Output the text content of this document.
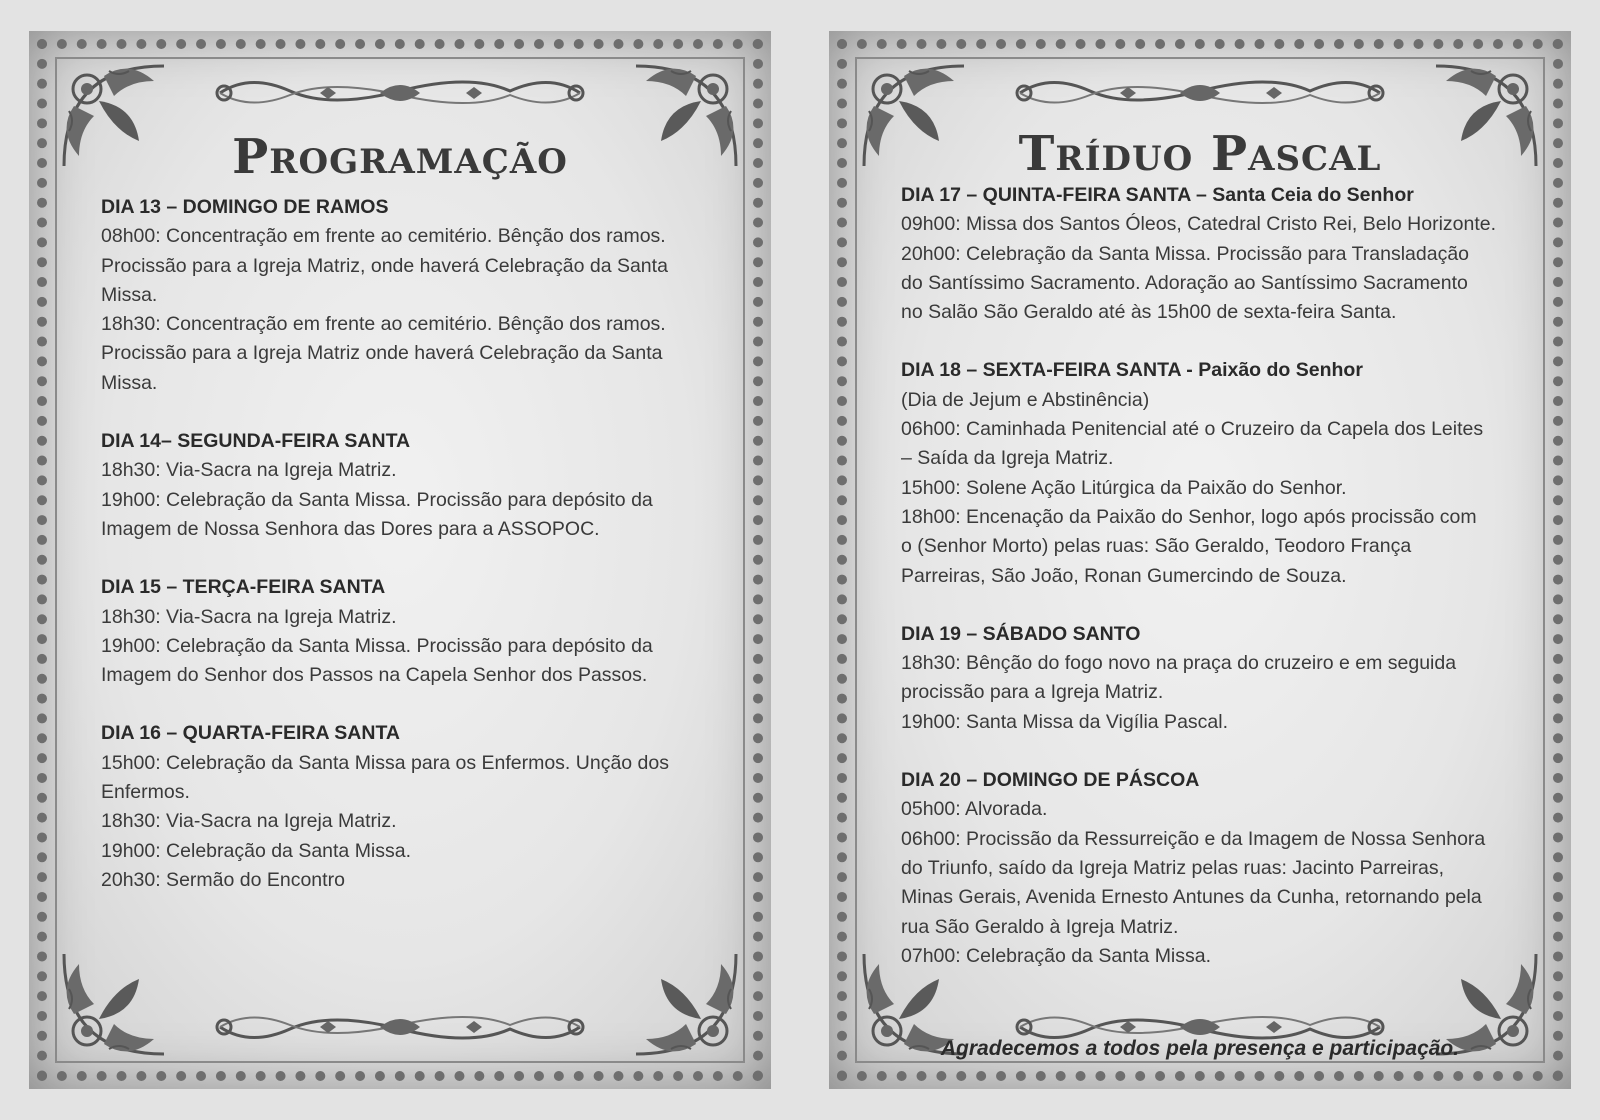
Programação
DIA 13 – DOMINGO DE RAMOS
08h00: Concentração em frente ao cemitério. Bênção dos ramos.
Procissão para a Igreja Matriz, onde haverá Celebração da Santa
Missa.
18h30: Concentração em frente ao cemitério. Bênção dos ramos.
Procissão para a Igreja Matriz onde haverá Celebração da Santa
Missa.
DIA 14– SEGUNDA-FEIRA SANTA
18h30: Via-Sacra na Igreja Matriz.
19h00: Celebração da Santa Missa. Procissão para depósito da
Imagem de Nossa Senhora das Dores para a ASSOPOC.
DIA 15 – TERÇA-FEIRA SANTA
18h30: Via-Sacra na Igreja Matriz.
19h00: Celebração da Santa Missa. Procissão para depósito da
Imagem do Senhor dos Passos na Capela Senhor dos Passos.
DIA 16 – QUARTA-FEIRA SANTA
15h00: Celebração da Santa Missa para os Enfermos. Unção dos
Enfermos.
18h30: Via-Sacra na Igreja Matriz.
19h00: Celebração da Santa Missa.
20h30: Sermão do Encontro
Tríduo Pascal
DIA 17 – QUINTA-FEIRA SANTA – Santa Ceia do Senhor
09h00: Missa dos Santos Óleos, Catedral Cristo Rei, Belo Horizonte.
20h00: Celebração da Santa Missa. Procissão para Transladação
do Santíssimo Sacramento. Adoração ao Santíssimo Sacramento
no Salão São Geraldo até às 15h00 de sexta-feira Santa.
DIA 18 – SEXTA-FEIRA SANTA - Paixão do Senhor
(Dia de Jejum e Abstinência)
06h00: Caminhada Penitencial até o Cruzeiro da Capela dos Leites
– Saída da Igreja Matriz.
15h00: Solene Ação Litúrgica da Paixão do Senhor.
18h00: Encenação da Paixão do Senhor, logo após procissão com
o (Senhor Morto) pelas ruas: São Geraldo, Teodoro França
Parreiras, São João, Ronan Gumercindo de Souza.
DIA 19 – SÁBADO SANTO
18h30: Bênção do fogo novo na praça do cruzeiro e em seguida
procissão para a Igreja Matriz.
19h00: Santa Missa da Vigília Pascal.
DIA 20 – DOMINGO DE PÁSCOA
05h00: Alvorada.
06h00: Procissão da Ressurreição e da Imagem de Nossa Senhora
do Triunfo, saído da Igreja Matriz pelas ruas: Jacinto Parreiras,
Minas Gerais, Avenida Ernesto Antunes da Cunha, retornando pela
rua São Geraldo à Igreja Matriz.
07h00: Celebração da Santa Missa.
Agradecemos a todos pela presença e participação.
